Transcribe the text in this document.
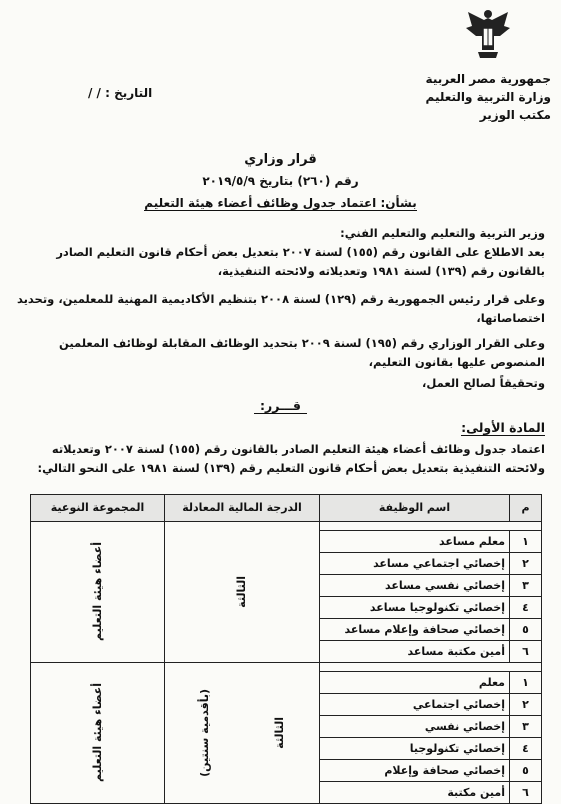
جمهورية مصر العربية
وزارة التربية والتعليم
مكتب الوزير
التاريخ : / /
قرار وزاري
رقم (٢٦٠) بتاريخ ٢٠١٩/٥/٩
بشأن: اعتماد جدول وظائف أعضاء هيئة التعليم
وزير التربية والتعليم والتعليم الفني:
بعد الاطلاع على القانون رقم (١٥٥) لسنة ٢٠٠٧ بتعديل بعض أحكام قانون التعليم الصادر بالقانون رقم (١٣٩) لسنة ١٩٨١ وتعديلاته ولائحته التنفيذية،
وعلى قرار رئيس الجمهورية رقم (١٢٩) لسنة ٢٠٠٨ بتنظيم الأكاديمية المهنية للمعلمين، وتحديد اختصاصاتها،
وعلى القرار الوزاري رقم (١٩٥) لسنة ٢٠٠٩ بتحديد الوظائف المقابلة لوظائف المعلمين المنصوص عليها بقانون التعليم،
وتحقيقاً لصالح العمل،
قـــرر:
المادة الأولى:
اعتماد جدول وظائف أعضاء هيئة التعليم الصادر بالقانون رقم (١٥٥) لسنة ٢٠٠٧ وتعديلاته ولائحته التنفيذية بتعديل بعض أحكام قانون التعليم رقم (١٣٩) لسنة ١٩٨١ على النحو التالي:
م	اسم الوظيفة	الدرجة المالية المعادلة	المجموعة النوعية

		الثالثة	أعضاء هيئة التعليم

١	معلم مساعد		
٢	إخصائي اجتماعي مساعد		
٣	إخصائي نفسي مساعد		
٤	إخصائي تكنولوجيا مساعد		
٥	إخصائي صحافة وإعلام مساعد		
٦	أمين مكتبة مساعد		

		الثالثة
(بأقدمية سنتين)	أعضاء هيئة التعليم

١	معلم		
٢	إخصائي اجتماعي		
٣	إخصائي نفسي		
٤	إخصائي تكنولوجيا		
٥	إخصائي صحافة وإعلام		
٦	أمين مكتبة		
